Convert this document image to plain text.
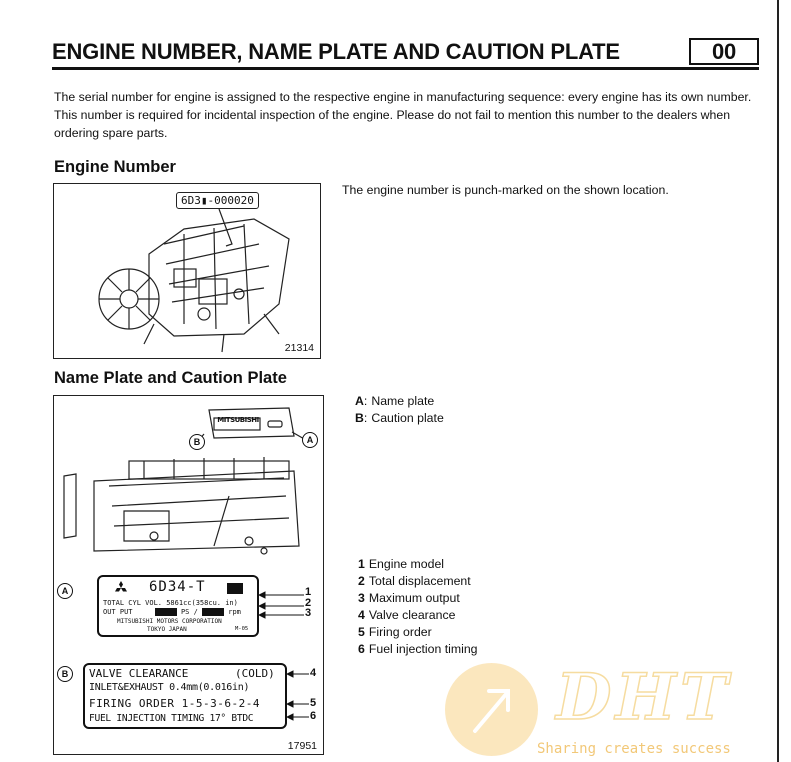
ENGINE NUMBER, NAME PLATE AND CAUTION PLATE	00

The serial number for engine is assigned to the respective engine in manufacturing sequence: every engine has its own number. This number is required for incidental inspection of the engine. Please do not fail to mention this number to the dealers when ordering spare parts.

Engine Number
6D3▮-000020
21314
The engine number is punch-marked on the shown location.
Name Plate and Caution Plate
MITSUBISHI
B	A
A	6D34-T
TOTAL CYL VOL. 5861cc(358cu. in)
OUT PUT	PS /	rpm
MITSUBISHI MOTORS CORPORATION
TOKYO JAPAN	M-05
1
2
3
B	VALVE CLEARANCE	(COLD)
INLET&EXHAUST 0.4mm(0.016in)
FIRING ORDER 1-5-3-6-2-4
FUEL INJECTION TIMING 17° BTDC
4
5
6
17951
A : Name plate
B : Caution plate
1 Engine model
2 Total displacement
3 Maximum output
4 Valve clearance
5 Firing order
6 Fuel injection timing
DHT
Sharing creates success
